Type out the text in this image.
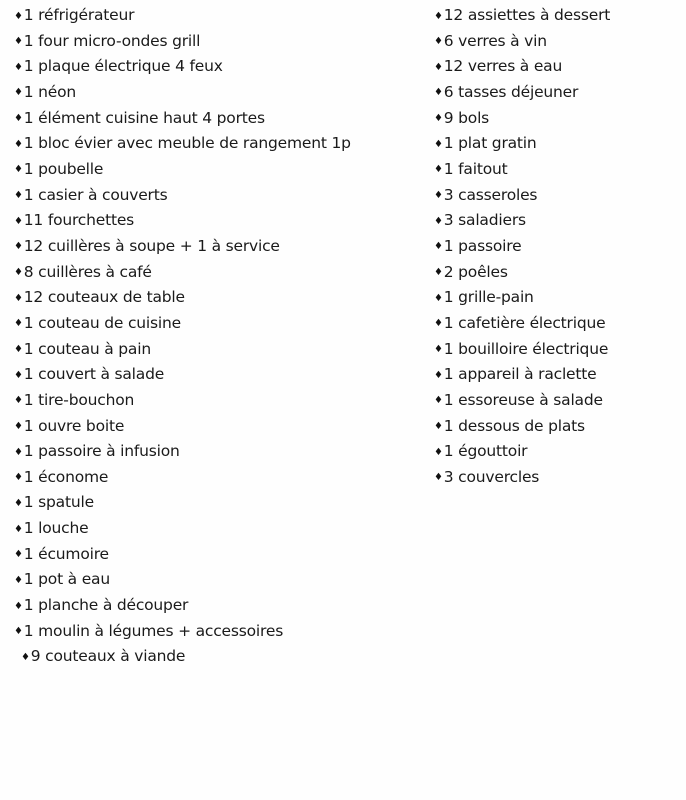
♦1 réfrigérateur
♦1 four micro-ondes grill
♦1 plaque électrique 4 feux
♦1 néon
♦1 élément cuisine haut 4 portes
♦1 bloc évier avec meuble de rangement 1p
♦1 poubelle
♦1 casier à couverts
♦11 fourchettes
♦12 cuillères à soupe + 1 à service
♦8 cuillères à café
♦12 couteaux de table
♦1 couteau de cuisine
♦1 couteau à pain
♦1 couvert à salade
♦1 tire-bouchon
♦1 ouvre boite
♦1 passoire à infusion
♦1 économe
♦1 spatule
♦1 louche
♦1 écumoire
♦1 pot à eau
♦1 planche à découper
♦1 moulin à légumes + accessoires
♦9 couteaux à viande
♦12 assiettes à dessert
♦6 verres à vin
♦12 verres à eau
♦6 tasses déjeuner
♦9 bols
♦1 plat gratin
♦1 faitout
♦3 casseroles
♦3 saladiers
♦1 passoire
♦2 poêles
♦1 grille-pain
♦1 cafetière électrique
♦1 bouilloire électrique
♦1 appareil à raclette
♦1 essoreuse à salade
♦1 dessous de plats
♦1 égouttoir
♦3 couvercles
